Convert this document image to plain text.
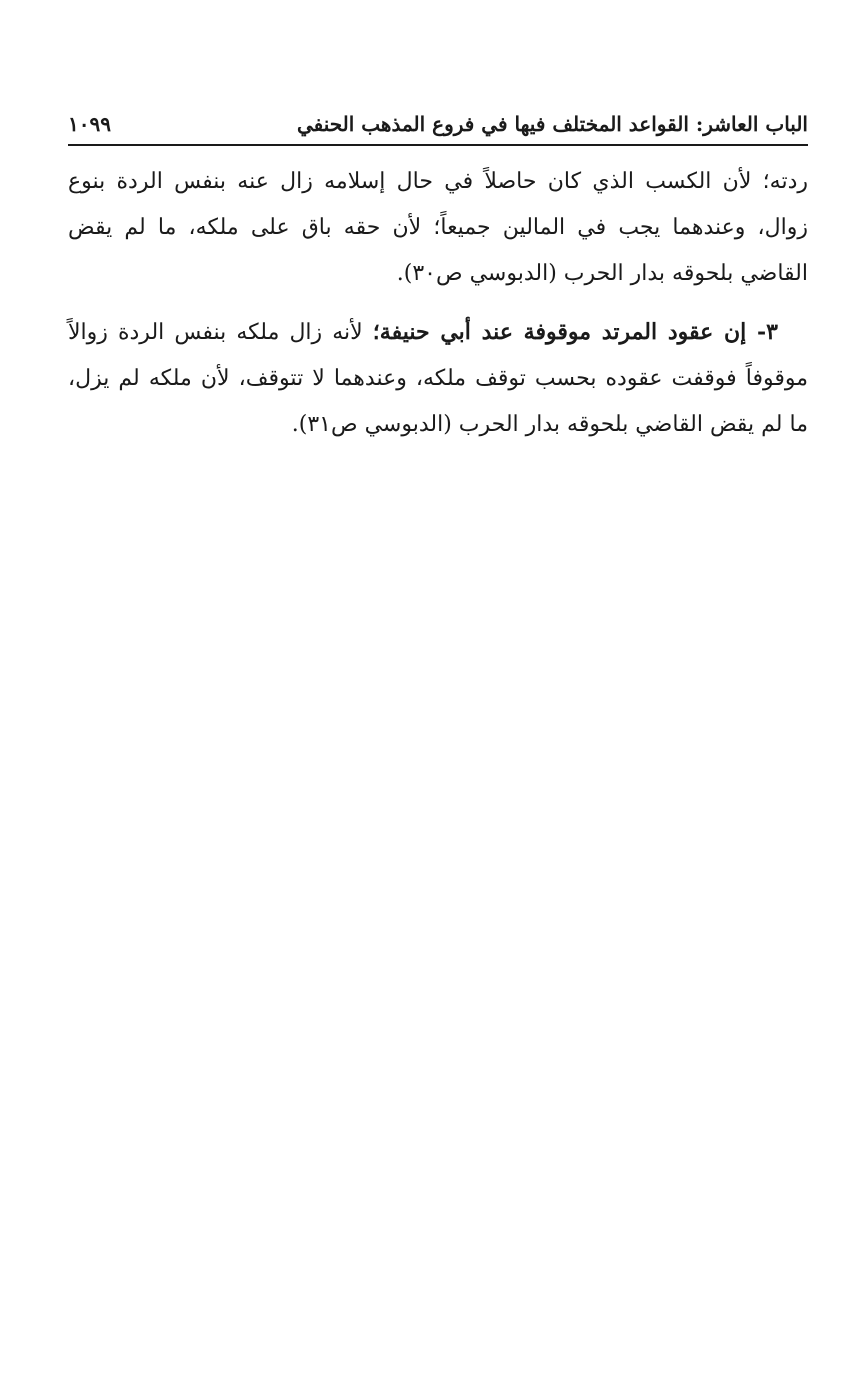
الباب العاشر: القواعد المختلف فيها في فروع المذهب الحنفي
١٠٩٩

ردته؛ لأن الكسب الذي كان حاصلاً في حال إسلامه زال عنه بنفس الردة بنوع زوال، وعندهما يجب في المالين جميعاً؛ لأن حقه باق على ملكه، ما لم يقض القاضي بلحوقه بدار الحرب (الدبوسي ص٣٠).

٣- إن عقود المرتد موقوفة عند أبي حنيفة؛ لأنه زال ملكه بنفس الردة زوالاً موقوفاً فوقفت عقوده بحسب توقف ملكه، وعندهما لا تتوقف، لأن ملكه لم يزل، ما لم يقض القاضي بلحوقه بدار الحرب (الدبوسي ص٣١).
